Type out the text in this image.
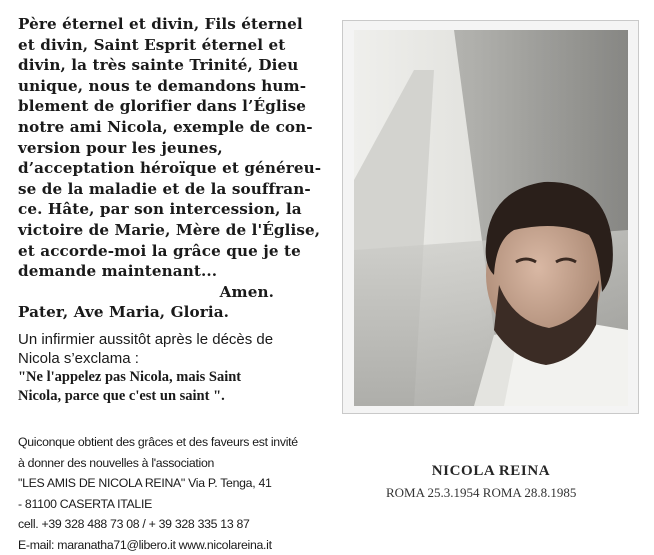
Père éternel et divin, Fils éternel
et divin, Saint Esprit éternel et
divin, la très sainte Trinité, Dieu
unique, nous te demandons hum-
blement de glorifier dans l’Église
notre ami Nicola, exemple de con-
version pour les jeunes,
d’acceptation héroïque et généreu-
se de la maladie et de la souffran-
ce. Hâte, par son intercession, la
victoire de Marie, Mère de l'Église,
et accorde-moi la grâce que je te
demande maintenant...
Amen.
Pater, Ave Maria, Gloria.
Un infirmier aussitôt après le décès de
Nicola s’exclama :
"Ne l'appelez pas Nicola, mais Saint
Nicola, parce que c'est un saint ".
Quiconque obtient des grâces et des faveurs est invité
à donner des nouvelles à l'association
"LES AMIS DE NICOLA REINA" Via P. Tenga, 41
- 81100 CASERTA ITALIE
cell. +39 328 488 73 08 / + 39 328 335 13 87
E-mail: maranatha71@libero.it www.nicolareina.it
NICOLA REINA
ROMA 25.3.1954 ROMA 28.8.1985
